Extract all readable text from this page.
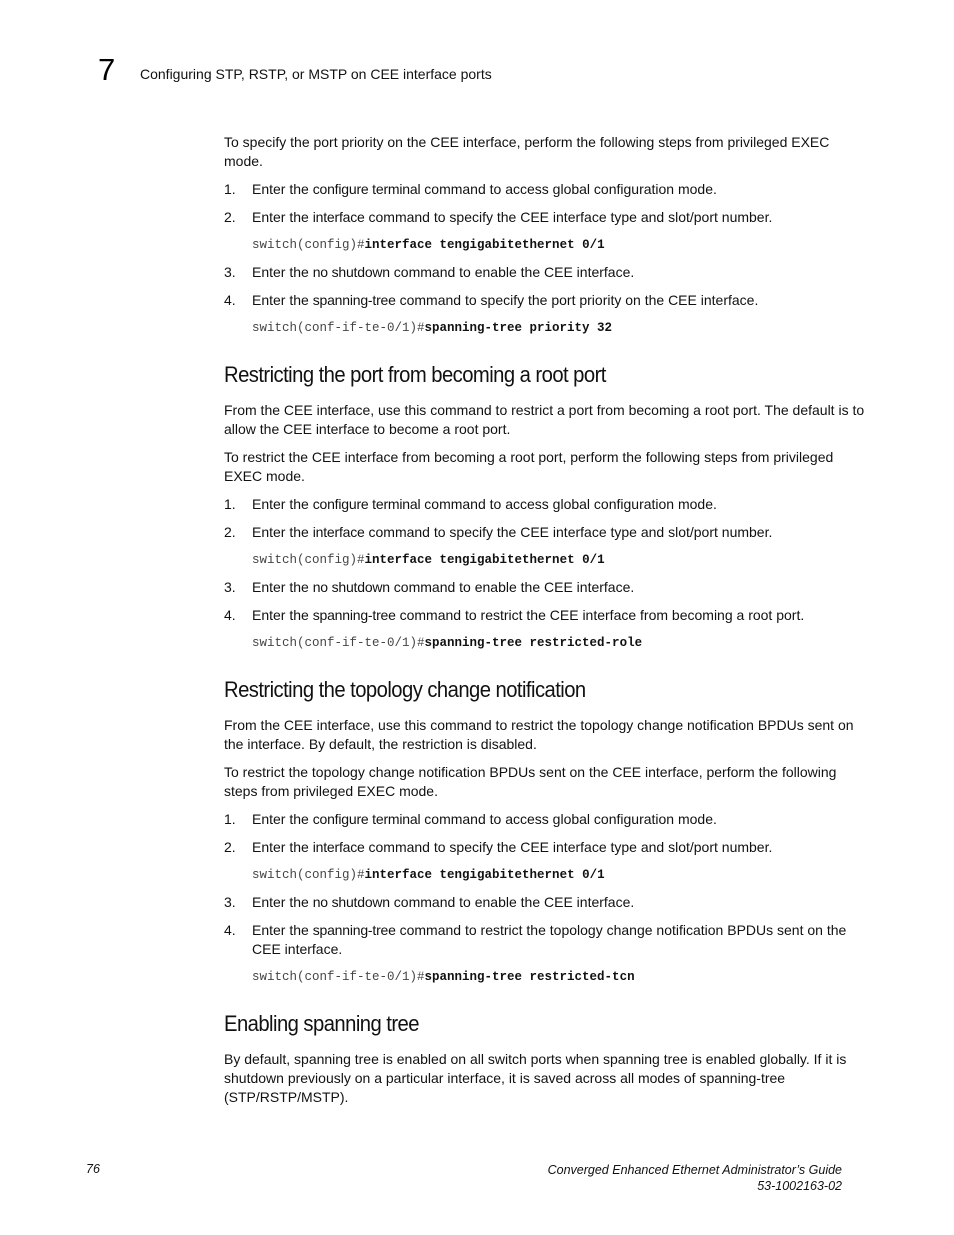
7 Configuring STP, RSTP, or MSTP on CEE interface ports

To specify the port priority on the CEE interface, perform the following steps from privileged EXEC mode.

1. Enter the configure terminal command to access global configuration mode.
2. Enter the interface command to specify the CEE interface type and slot/port number.
switch(config)#interface tengigabitethernet 0/1
3. Enter the no shutdown command to enable the CEE interface.
4. Enter the spanning-tree command to specify the port priority on the CEE interface.
switch(conf-if-te-0/1)#spanning-tree priority 32
Restricting the port from becoming a root port

From the CEE interface, use this command to restrict a port from becoming a root port. The default is to allow the CEE interface to become a root port.

To restrict the CEE interface from becoming a root port, perform the following steps from privileged EXEC mode.

1. Enter the configure terminal command to access global configuration mode.
2. Enter the interface command to specify the CEE interface type and slot/port number.
switch(config)#interface tengigabitethernet 0/1
3. Enter the no shutdown command to enable the CEE interface.
4. Enter the spanning-tree command to restrict the CEE interface from becoming a root port.
switch(conf-if-te-0/1)#spanning-tree restricted-role
Restricting the topology change notification

From the CEE interface, use this command to restrict the topology change notification BPDUs sent on the interface. By default, the restriction is disabled.

To restrict the topology change notification BPDUs sent on the CEE interface, perform the following steps from privileged EXEC mode.

1. Enter the configure terminal command to access global configuration mode.
2. Enter the interface command to specify the CEE interface type and slot/port number.
switch(config)#interface tengigabitethernet 0/1
3. Enter the no shutdown command to enable the CEE interface.
4. Enter the spanning-tree command to restrict the topology change notification BPDUs sent on the CEE interface.
switch(conf-if-te-0/1)#spanning-tree restricted-tcn
Enabling spanning tree

By default, spanning tree is enabled on all switch ports when spanning tree is enabled globally. If it is shutdown previously on a particular interface, it is saved across all modes of spanning-tree (STP/RSTP/MSTP).

76	Converged Enhanced Ethernet Administrator’s Guide
53-1002163-02
